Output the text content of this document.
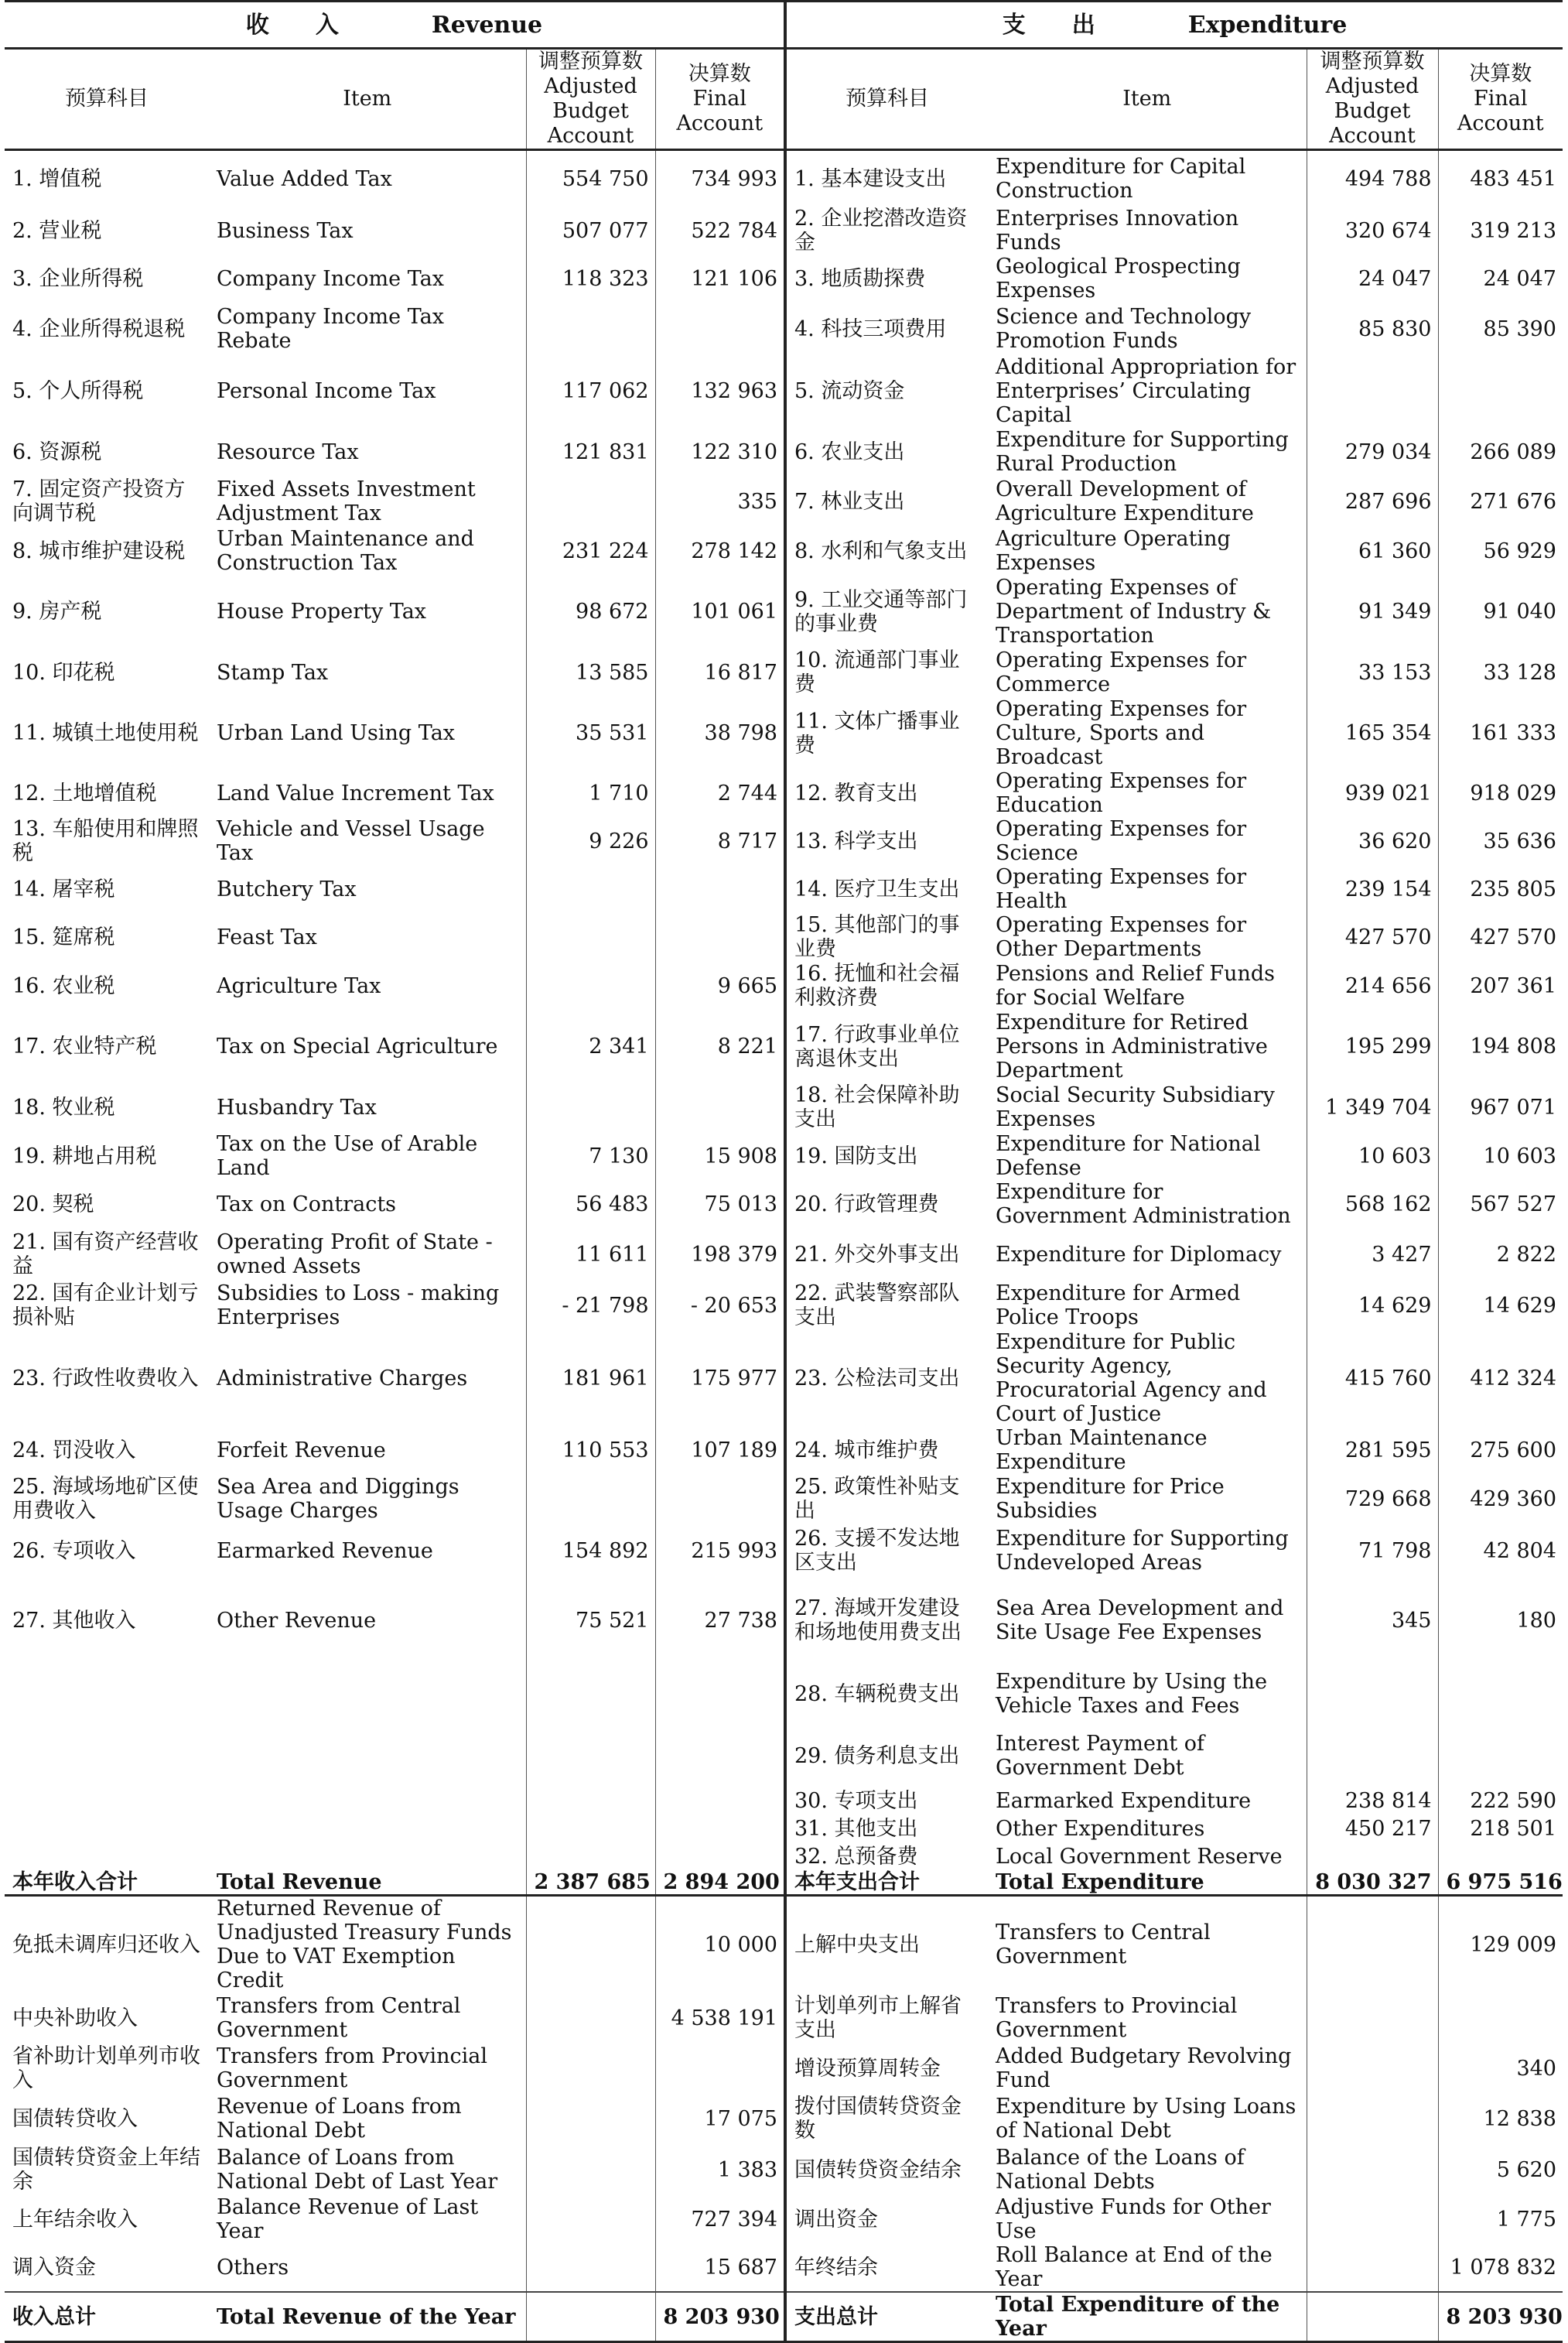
收　　入 Revenue				支　　出 Expenditure			
预算科目	Item	调整预算数
Adjusted Budget
Account	决算数
Final
Account	预算科目	Item	调整预算数
Adjusted Budget
Account	决算数
Final
Account

1. 增值税	Value Added Tax	554 750	734 993	1. 基本建设支出	Expenditure for Capital Construction	494 788	483 451
2. 营业税	Business Tax	507 077	522 784	2. 企业挖潜改造资金	Enterprises Innovation Funds	320 674	319 213
3. 企业所得税	Company Income Tax	118 323	121 106	3. 地质勘探费	Geological Prospecting Expenses	24 047	24 047
4. 企业所得税退税	Company Income Tax Rebate			4. 科技三项费用	Science and Technology Promotion Funds	85 830	85 390
5. 个人所得税	Personal Income Tax	117 062	132 963	5. 流动资金	Additional Appropriation for Enterprises’ Circulating Capital		
6. 资源税	Resource Tax	121 831	122 310	6. 农业支出	Expenditure for Supporting Rural Production	279 034	266 089
7. 固定资产投资方向调节税	Fixed Assets Investment Adjustment Tax		335	7. 林业支出	Overall Development of Agriculture Expenditure	287 696	271 676
8. 城市维护建设税	Urban Maintenance and Construction Tax	231 224	278 142	8. 水利和气象支出	Agriculture Operating Expenses	61 360	56 929
9. 房产税	House Property Tax	98 672	101 061	9. 工业交通等部门的事业费	Operating Expenses of Department of Industry & Transportation	91 349	91 040
10. 印花税	Stamp Tax	13 585	16 817	10. 流通部门事业费	Operating Expenses for Commerce	33 153	33 128
11. 城镇土地使用税	Urban Land Using Tax	35 531	38 798	11. 文体广播事业费	Operating Expenses for Culture, Sports and Broadcast	165 354	161 333
12. 土地增值税	Land Value Increment Tax	1 710	2 744	12. 教育支出	Operating Expenses for Education	939 021	918 029
13. 车船使用和牌照税	Vehicle and Vessel Usage Tax	9 226	8 717	13. 科学支出	Operating Expenses for Science	36 620	35 636
14. 屠宰税	Butchery Tax			14. 医疗卫生支出	Operating Expenses for Health	239 154	235 805
15. 筵席税	Feast Tax			15. 其他部门的事业费	Operating Expenses for Other Departments	427 570	427 570
16. 农业税	Agriculture Tax		9 665	16. 抚恤和社会福利救济费	Pensions and Relief Funds for Social Welfare	214 656	207 361
17. 农业特产税	Tax on Special Agriculture	2 341	8 221	17. 行政事业单位离退休支出	Expenditure for Retired Persons in Administrative Department	195 299	194 808
18. 牧业税	Husbandry Tax			18. 社会保障补助支出	Social Security Subsidiary Expenses	1 349 704	967 071
19. 耕地占用税	Tax on the Use of Arable Land	7 130	15 908	19. 国防支出	Expenditure for National Defense	10 603	10 603
20. 契税	Tax on Contracts	56 483	75 013	20. 行政管理费	Expenditure for Government Administration	568 162	567 527
21. 国有资产经营收益	Operating Profit of State - owned Assets	11 611	198 379	21. 外交外事支出	Expenditure for Diplomacy	3 427	2 822
22. 国有企业计划亏损补贴	Subsidies to Loss - making Enterprises	- 21 798	- 20 653	22. 武装警察部队支出	Expenditure for Armed Police Troops	14 629	14 629
23. 行政性收费收入	Administrative Charges	181 961	175 977	23. 公检法司支出	Expenditure for Public Security Agency, Procuratorial Agency and Court of Justice	415 760	412 324
24. 罚没收入	Forfeit Revenue	110 553	107 189	24. 城市维护费	Urban Maintenance Expenditure	281 595	275 600
25. 海域场地矿区使用费收入	Sea Area and Diggings Usage Charges			25. 政策性补贴支出	Expenditure for Price Subsidies	729 668	429 360
26. 专项收入	Earmarked Revenue	154 892	215 993	26. 支援不发达地区支出	Expenditure for Supporting Undeveloped Areas	71 798	42 804
27. 其他收入	Other Revenue	75 521	27 738	27. 海域开发建设和场地使用费支出	Sea Area Development and Site Usage Fee Expenses	345	180
				28. 车辆税费支出	Expenditure by Using the Vehicle Taxes and Fees		
				29. 债务利息支出	Interest Payment of Government Debt		
				30. 专项支出	Earmarked Expenditure	238 814	222 590
				31. 其他支出	Other Expenditures	450 217	218 501
				32. 总预备费	Local Government Reserve		
本年收入合计	Total Revenue	2 387 685	2 894 200	本年支出合计	Total Expenditure	8 030 327	6 975 516
免抵未调库归还收入	Returned Revenue of Unadjusted Treasury Funds Due to VAT Exemption Credit		10 000	上解中央支出	Transfers to Central Government		129 009
中央补助收入	Transfers from Central Government		4 538 191	计划单列市上解省支出	Transfers to Provincial Government		
省补助计划单列市收入	Transfers from Provincial Government			增设预算周转金	Added Budgetary Revolving Fund		340
国债转贷收入	Revenue of Loans from National Debt		17 075	拨付国债转贷资金数	Expenditure by Using Loans of National Debt		12 838
国债转贷资金上年结余	Balance of Loans from National Debt of Last Year		1 383	国债转贷资金结余	Balance of the Loans of National Debts		5 620
上年结余收入	Balance Revenue of Last Year		727 394	调出资金	Adjustive Funds for Other Use		1 775
调入资金	Others		15 687	年终结余	Roll Balance at End of the Year		1 078 832
收入总计	Total Revenue of the Year		8 203 930	支出总计	Total Expenditure of the Year		8 203 930
